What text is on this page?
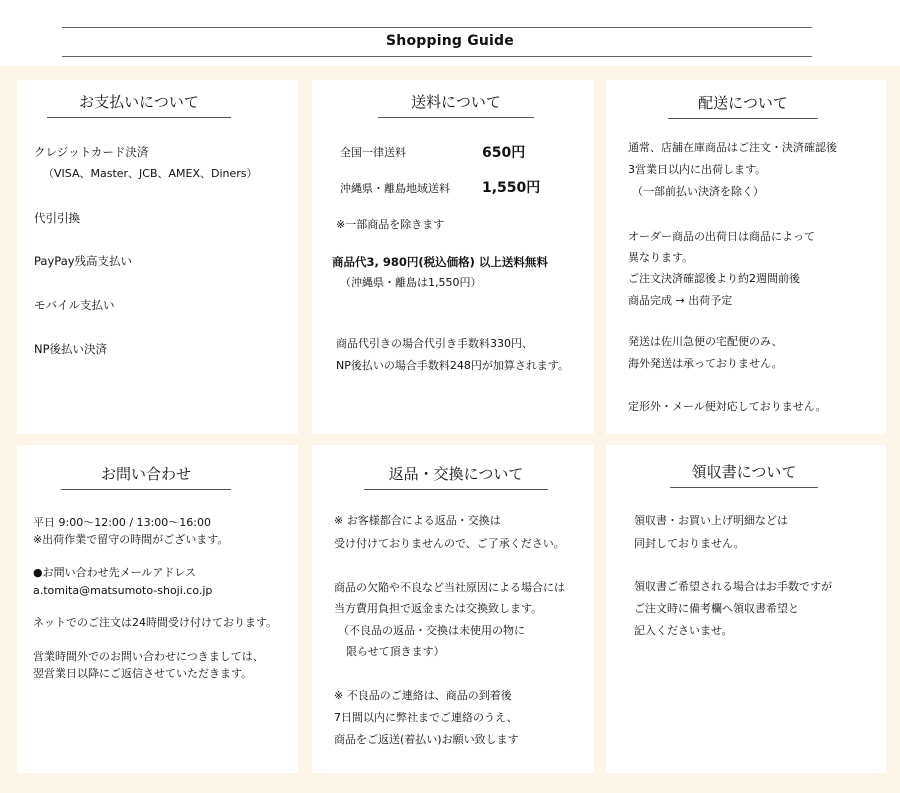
Shopping Guide
お支払いについて
クレジットカード決済
（VISA、Master、JCB、AMEX、Diners）
代引引換
PayPay残高支払い
モバイル支払い
NP後払い決済
送料について
全国一律送料	650円
沖縄県・離島地域送料 1,550円
※一部商品を除きます
商品代3, 980円(税込価格) 以上送料無料
（沖縄県・離島は1,550円）
商品代引きの場合代引き手数料330円、
NP後払いの場合手数料248円が加算されます。
配送について
通常、店舗在庫商品はご注文・決済確認後
3営業日以内に出荷します。
（一部前払い決済を除く）
オーダー商品の出荷日は商品によって
異なります。
ご注文決済確認後より約2週間前後
商品完成 → 出荷予定
発送は佐川急便の宅配便のみ、
海外発送は承っておりません。
定形外・メール便対応しておりません。
お問い合わせ
平日 9:00～12:00 / 13:00～16:00
※出荷作業で留守の時間がございます。
●お問い合わせ先メールアドレス
a.tomita@matsumoto-shoji.co.jp
ネットでのご注文は24時間受け付けております。
営業時間外でのお問い合わせにつきましては、
翌営業日以降にご返信させていただきます。
返品・交換について
※ お客様都合による返品・交換は
受け付けておりませんので、ご了承ください。
商品の欠陥や不良など当社原因による場合には
当方費用負担で返金または交換致します。
（不良品の返品・交換は未使用の物に
限らせて頂きます）
※ 不良品のご連絡は、商品の到着後
7日間以内に弊社までご連絡のうえ、
商品をご返送(着払い)お願い致します
領収書について
領収書・お買い上げ明細などは
同封しておりません。
領収書ご希望される場合はお手数ですが
ご注文時に備考欄へ領収書希望と
記入くださいませ。
